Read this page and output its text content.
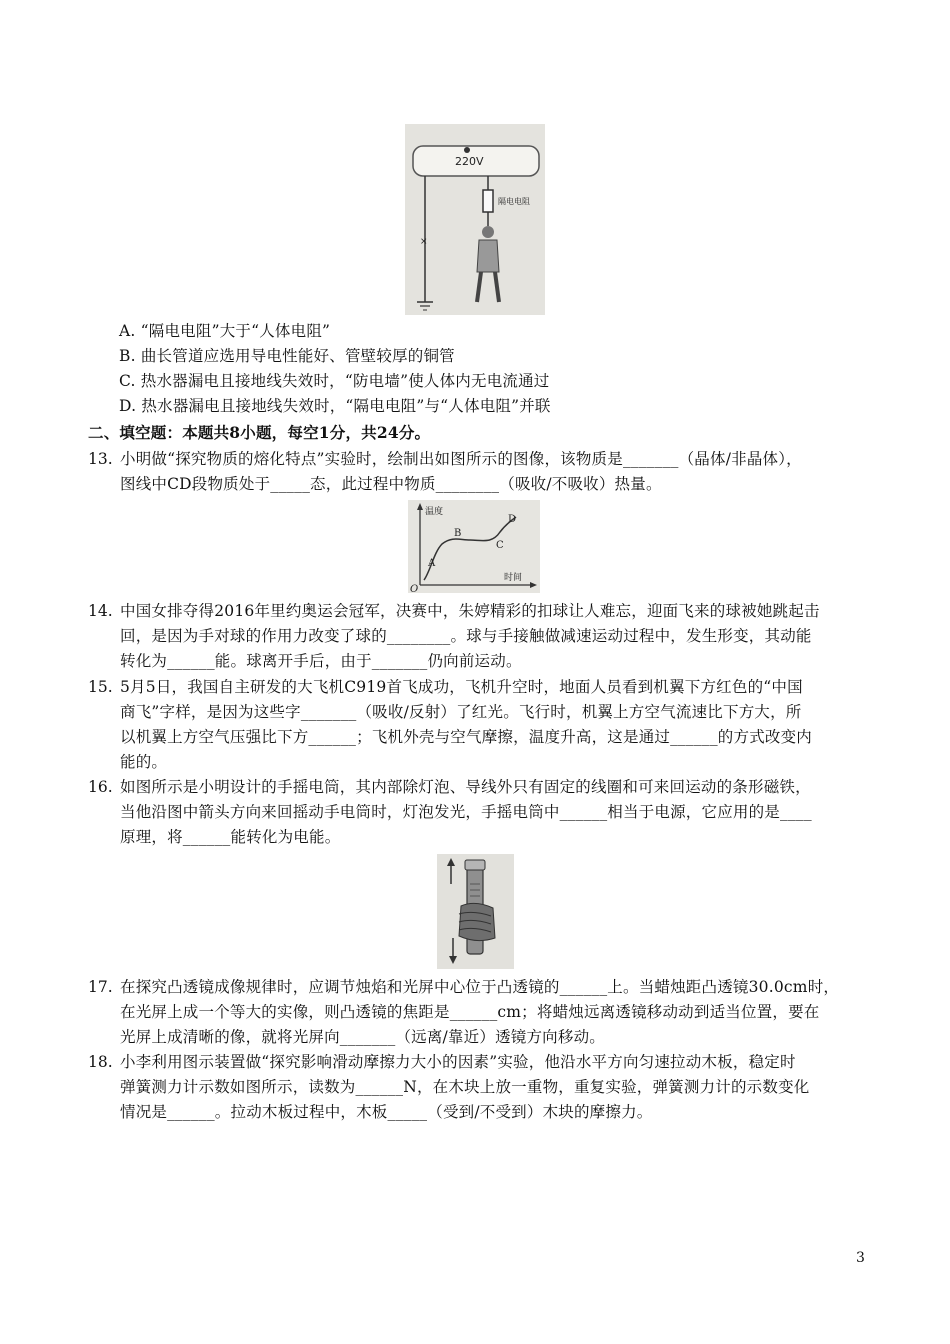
220V
×
隔电电阻
A. “隔电电阻”大于“人体电阻”
B. 曲长管道应选用导电性能好、管壁较厚的铜管
C. 热水器漏电且接地线失效时，“防电墙”使人体内无电流通过
D. 热水器漏电且接地线失效时，“隔电电阻”与“人体电阻”并联
二、填空题：本题共8小题，每空1分，共24分。
13. 小明做“探究物质的熔化特点”实验时，绘制出如图所示的图像，该物质是_______（晶体/非晶体），
图线中CD段物质处于_____态，此过程中物质________（吸收/不吸收）热量。
温度
时间
O
A
B
C
D
14. 中国女排夺得2016年里约奥运会冠军，决赛中，朱婷精彩的扣球让人难忘，迎面飞来的球被她跳起击
回，是因为手对球的作用力改变了球的________。球与手接触做减速运动过程中，发生形变，其动能
转化为______能。球离开手后，由于_______仍向前运动。
15. 5月5日，我国自主研发的大飞机C919首飞成功，飞机升空时，地面人员看到机翼下方红色的“中国
商飞”字样，是因为这些字_______（吸收/反射）了红光。飞行时，机翼上方空气流速比下方大，所
以机翼上方空气压强比下方______；飞机外壳与空气摩擦，温度升高，这是通过______的方式改变内
能的。
16. 如图所示是小明设计的手摇电筒，其内部除灯泡、导线外只有固定的线圈和可来回运动的条形磁铁，
当他沿图中箭头方向来回摇动手电筒时，灯泡发光，手摇电筒中______相当于电源，它应用的是____
原理，将______能转化为电能。
17. 在探究凸透镜成像规律时，应调节烛焰和光屏中心位于凸透镜的______上。当蜡烛距凸透镜30.0cm时，
在光屏上成一个等大的实像，则凸透镜的焦距是______cm；将蜡烛远离透镜移动动到适当位置，要在
光屏上成清晰的像，就将光屏向_______（远离/靠近）透镜方向移动。
18. 小李利用图示装置做“探究影响滑动摩擦力大小的因素”实验，他沿水平方向匀速拉动木板，稳定时
弹簧测力计示数如图所示，读数为______N，在木块上放一重物，重复实验，弹簧测力计的示数变化
情况是______。拉动木板过程中，木板_____（受到/不受到）木块的摩擦力。
3
